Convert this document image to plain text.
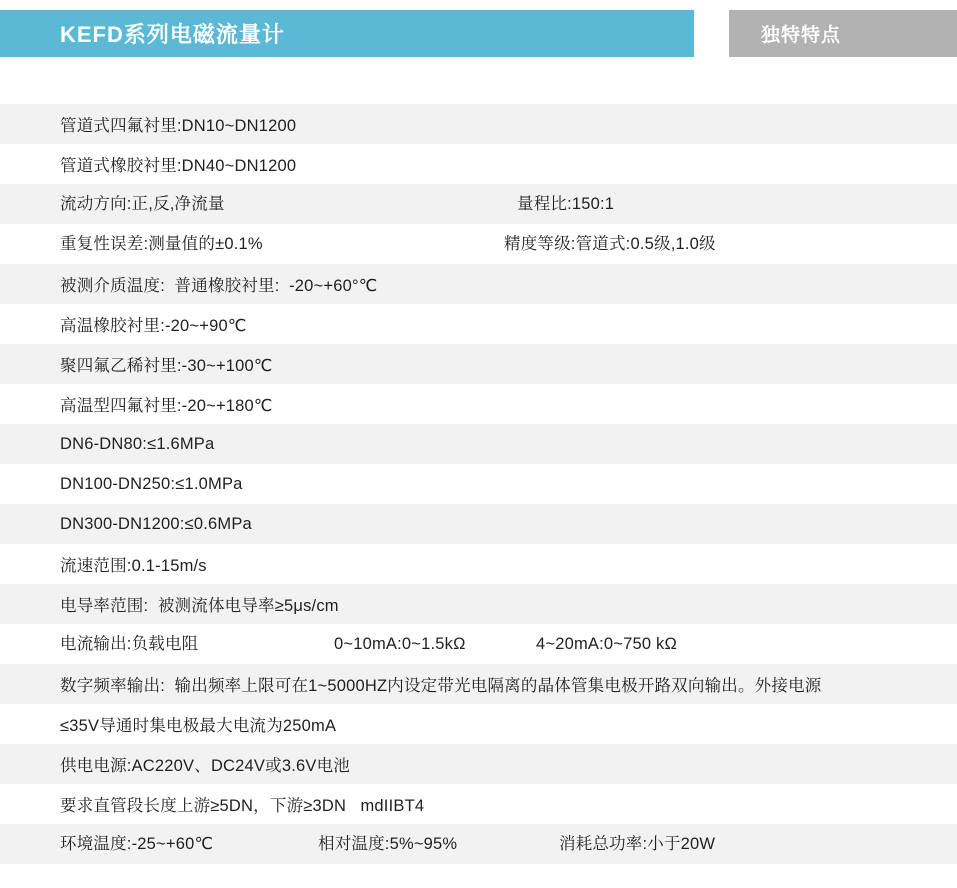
KEFD系列电磁流量计	独特特点
管道式四氟衬里:DN10~DN1200
管道式橡胶衬里:DN40~DN1200
流动方向:正,反,净流量	量程比:150:1
重复性误差:测量值的±0.1%	精度等级:管道式:0.5级,1.0级
被测介质温度:  普通橡胶衬里:  -20~+60°℃
高温橡胶衬里:-20~+90℃
聚四氟乙稀衬里:-30~+100℃
高温型四氟衬里:-20~+180℃
DN6-DN80:≤1.6MPa
DN100-DN250:≤1.0MPa
DN300-DN1200:≤0.6MPa
流速范围:0.1-15m/s
电导率范围:  被测流体电导率≥5μs/cm
电流输出:负载电阻	0~10mA:0~1.5kΩ	4~20mA:0~750 kΩ
数字频率输出:  输出频率上限可在1~5000HZ内设定带光电隔离的晶体管集电极开路双向输出。外接电源
≤35V导通时集电极最大电流为250mA
供电电源:AC220V、DC24V或3.6V电池
要求直管段长度上游≥5DN，下游≥3DN   mdIIBT4
环境温度:-25~+60℃	相对温度:5%~95%	消耗总功率:小于20W
